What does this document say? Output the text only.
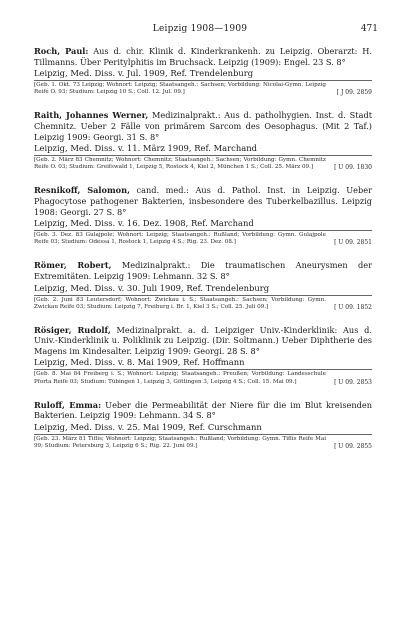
Leipzig 1908—1909	471
Roch, Paul: Aus d. chir. Klinik d. Kinderkrankenh. zu Leipzig. Oberarzt: H. Tillmanns. Über Peritylphitis im Bruchsack. Leipzig (1909): Engel. 23 S. 8°
Leipzig, Med. Diss. v. Jul. 1909, Ref. Trendelenburg
[Geb. 1. Okt. 73 Leipzig; Wohnort: Leipzig; Staatsangeh.: Sachsen; Vorbildung: Nicolai-Gymn. Leipzig Reife O. 93; Studium: Leipzig 10 S.; Coll. 12. Jul. 09.]	[ J 09. 2859
Raith, Johannes Werner, Medizinalprakt.: Aus d. patholhygien. Inst. d. Stadt Chemnitz. Ueber 2 Fälle von primärem Sarcom des Oesophagus. (Mit 2 Taf.) Leipzig 1909: Georgi. 31 S. 8°
Leipzig, Med. Diss. v. 11. März 1909, Ref. Marchand
[Geb. 2. März 83 Chemnitz; Wohnort: Chemnitz; Staatsangeh.: Sachsen; Vorbildung: Gymn. Chemnitz Reife O. 03; Studium: Greifswald 1, Leipzig 5, Rostock 4, Kiel 2, München 1 S.; Coll. 25. März 09.]	[ U 09. 1830
Resnikoff, Salomon, cand. med.: Aus d. Pathol. Inst. in Leipzig. Ueber Phagocytose pathogener Bakterien, insbesondere des Tuberkelbazillus. Leipzig 1908: Georgi. 27 S. 8°
Leipzig, Med. Diss. v. 16. Dez. 1908, Ref. Marchand
[Geb. 3. Dez. 83 Gulajpole; Wohnort: Leipzig; Staatsangeh.: Rußland; Vorbildung: Gymn. Gulajpole Reife 03; Studium: Odessa 1, Rostock 1, Leipzig 4 S.; Rig. 23. Dez. 08.]	[ U 09. 2851
Römer, Robert, Medizinalprakt.: Die traumatischen Aneurysmen der Extremitäten. Leipzig 1909: Lehmann. 32 S. 8°
Leipzig, Med. Diss. v. 30. Juli 1909, Ref. Trendelenburg
[Geb. 2. Juni 83 Leutersdorf; Wohnort: Zwickau i. S.; Staatsangeh.: Sachsen; Vorbildung: Gymn. Zwickau Reife 03; Studium: Leipzig 7, Freiburg i. Br. 1, Kiel 3 S.; Coll. 25. Juli 09.]	[ U 09. 1852
Rösiger, Rudolf, Medizinalprakt. a. d. Leipziger Univ.-Kinderklinik: Aus d. Univ.-Kinderklinik u. Poliklinik zu Leipzig. (Dir. Soltmann.) Ueber Diphtherie des Magens im Kindesalter. Leipzig 1909: Georgi. 28 S. 8°
Leipzig, Med. Diss. v. 8. Mai 1909, Ref. Hoffmann
[Geb. 8. Mai 84 Freiberg i. S.; Wohnort: Leipzig; Staatsangeh.: Preußen; Vorbildung: Landesschule Pforta Reife 03; Studium: Tübingen 1, Leipzig 3, Göttingen 3, Leipzig 4 S.; Coll. 15. Mai 09.]	[ U 09. 2853
Ruloff, Emma: Ueber die Permeabilität der Niere für die im Blut kreisenden Bakterien. Leipzig 1909: Lehmann. 34 S. 8°
Leipzig, Med. Diss. v. 25. Mai 1909, Ref. Curschmann
[Geb. 23. März 81 Tiflis; Wohnort: Leipzig; Staatsangeh.: Rußland; Vorbildung: Gymn. Tiflis Reife Mai 99; Studium: Petersburg 3, Leipzig 6 S.; Rig. 22. Juni 09.]	[ U 09. 2855
